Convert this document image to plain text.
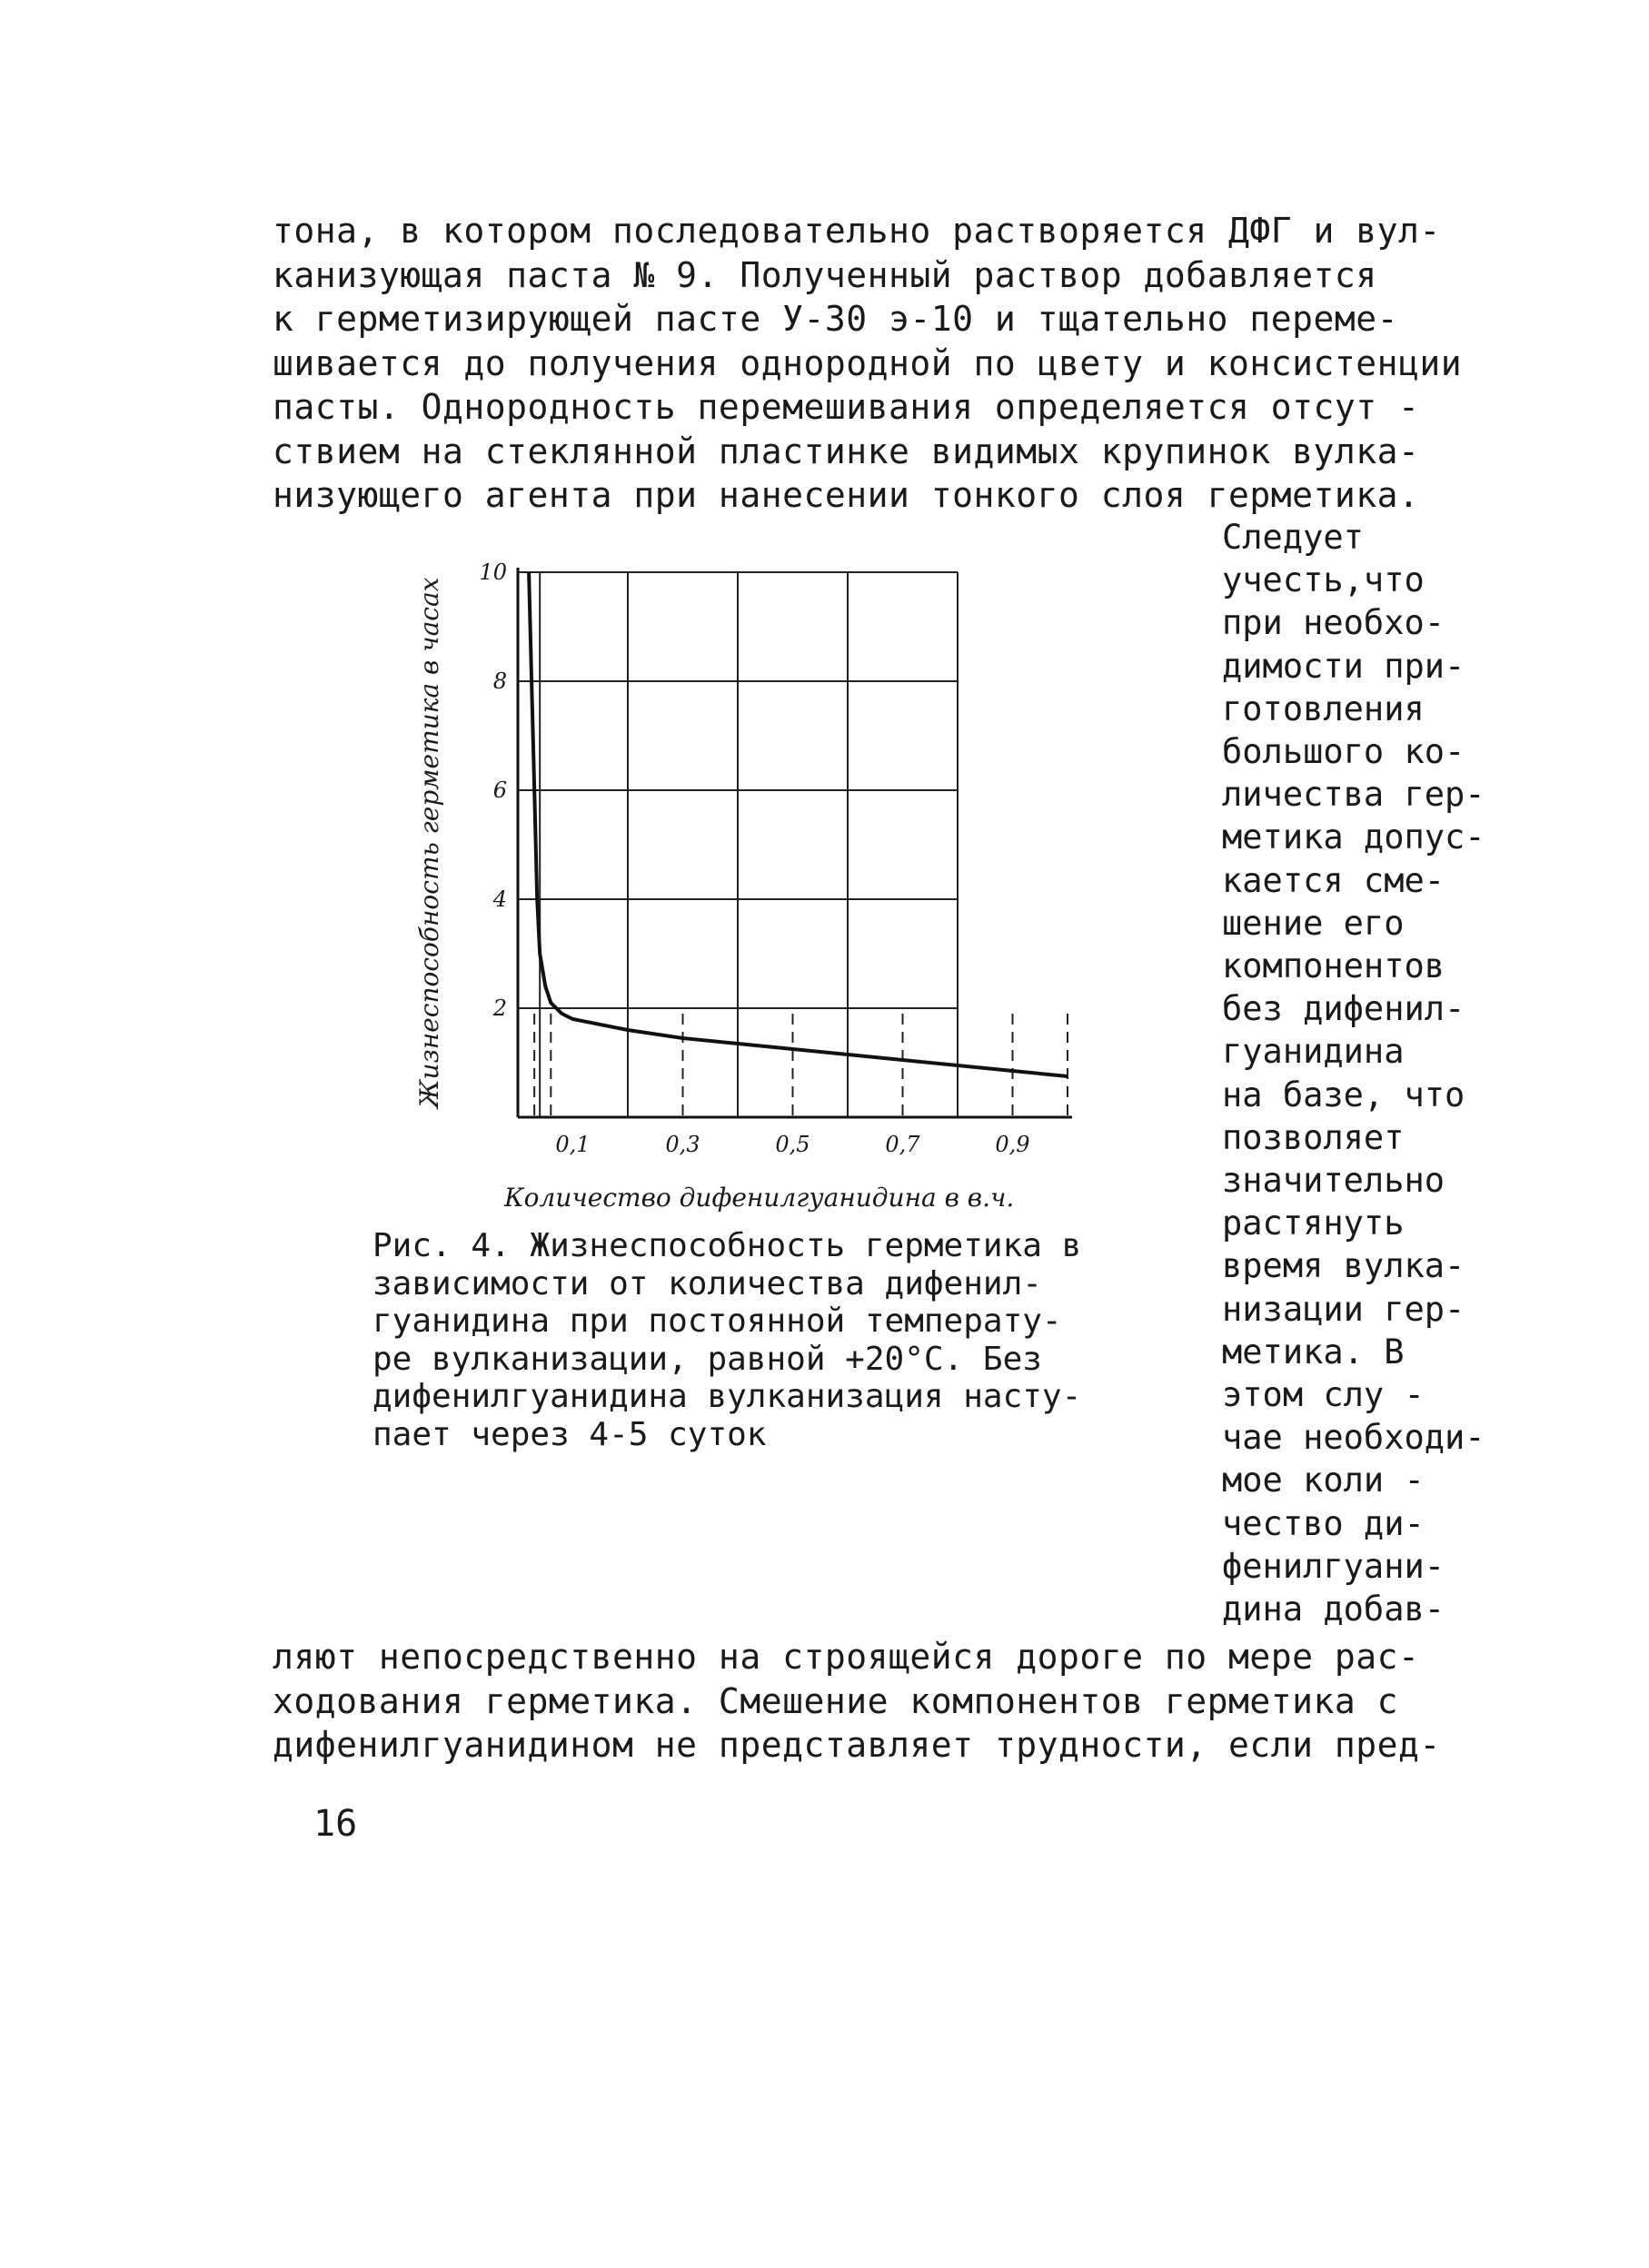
тона, в котором последовательно растворяется ДФГ и вул-
канизующая паста № 9. Полученный раствор добавляется
к герметизирующей пасте У-30 э-10 и тщательно переме-
шивается до получения однородной по цвету и консистенции
пасты. Однородность перемешивания определяется отсут -
ствием на стеклянной пластинке видимых крупинок вулка-
низующего агента при нанесении тонкого слоя герметика.
0,1	0,3	0,5	0,7	0,9
10
8
6
4
2
Количество дифенилгуанидина в в.ч.
Жизнеспособность герметика в часах
Следует
учесть,что
при необхо-
димости при-
готовления
большого ко-
личества гер-
метика допус-
кается сме-
шение его
компонентов
без дифенил-
гуанидина
на базе, что
позволяет
значительно
растянуть
время вулка-
низации гер-
метика. В
этом слу -
чае необходи-
мое коли -
чество ди-
фенилгуани-
дина добав-
Рис. 4. Жизнеспособность герметика в
зависимости от количества дифенил-
гуанидина при постоянной температу-
ре вулканизации, равной +20°С. Без
дифенилгуанидина вулканизация насту-
пает через 4-5 суток
ляют непосредственно на строящейся дороге по мере рас-
ходования герметика. Смешение компонентов герметика с
дифенилгуанидином не представляет трудности, если пред-
16
